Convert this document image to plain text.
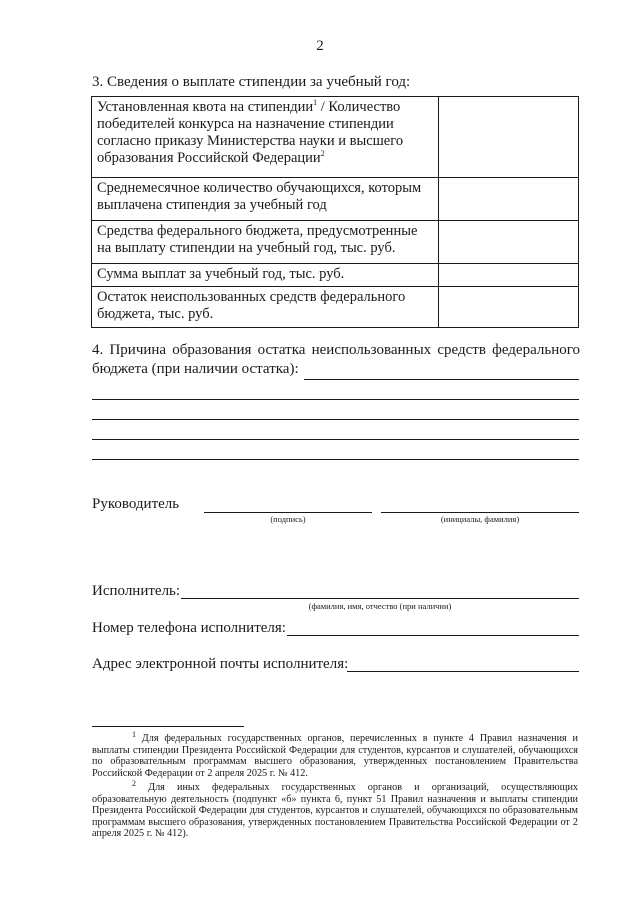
2
3. Сведения о выплате стипендии за учебный год:
Установленная квота на стипендии$^1$ / Количество победителей конкурса на назначение стипендии согласно приказу Министерства науки и высшего образования Российской Федерации$^2$	
Среднемесячное количество обучающихся, которым выплачена стипендия за учебный год	
Средства федерального бюджета, предусмотренные на выплату стипендии на учебный год, тыс. руб.	
Сумма выплат за учебный год, тыс. руб.	
Остаток неиспользованных средств федерального бюджета, тыс. руб.	
4. Причина образования остатка неиспользованных средств федерального бюджета (при наличии остатка):
Руководитель
(подпись)	(инициалы, фамилия)
Исполнитель:
(фамилия, имя, отчество (при наличии)
Номер телефона исполнителя:
Адрес электронной почты исполнителя:
$^1$ Для федеральных государственных органов, перечисленных в пункте 4 Правил назначения и выплаты стипендии Президента Российской Федерации для студентов, курсантов и слушателей, обучающихся по образовательным программам высшего образования, утвержденных постановлением Правительства Российской Федерации от 2 апреля 2025 г. № 412.
$^2$ Для иных федеральных государственных органов и организаций, осуществляющих образовательную деятельность (подпункт «б» пункта 6, пункт 51 Правил назначения и выплаты стипендии Президента Российской Федерации для студентов, курсантов и слушателей, обучающихся по образовательным программам высшего образования, утвержденных постановлением Правительства Российской Федерации от 2 апреля 2025 г. № 412).
